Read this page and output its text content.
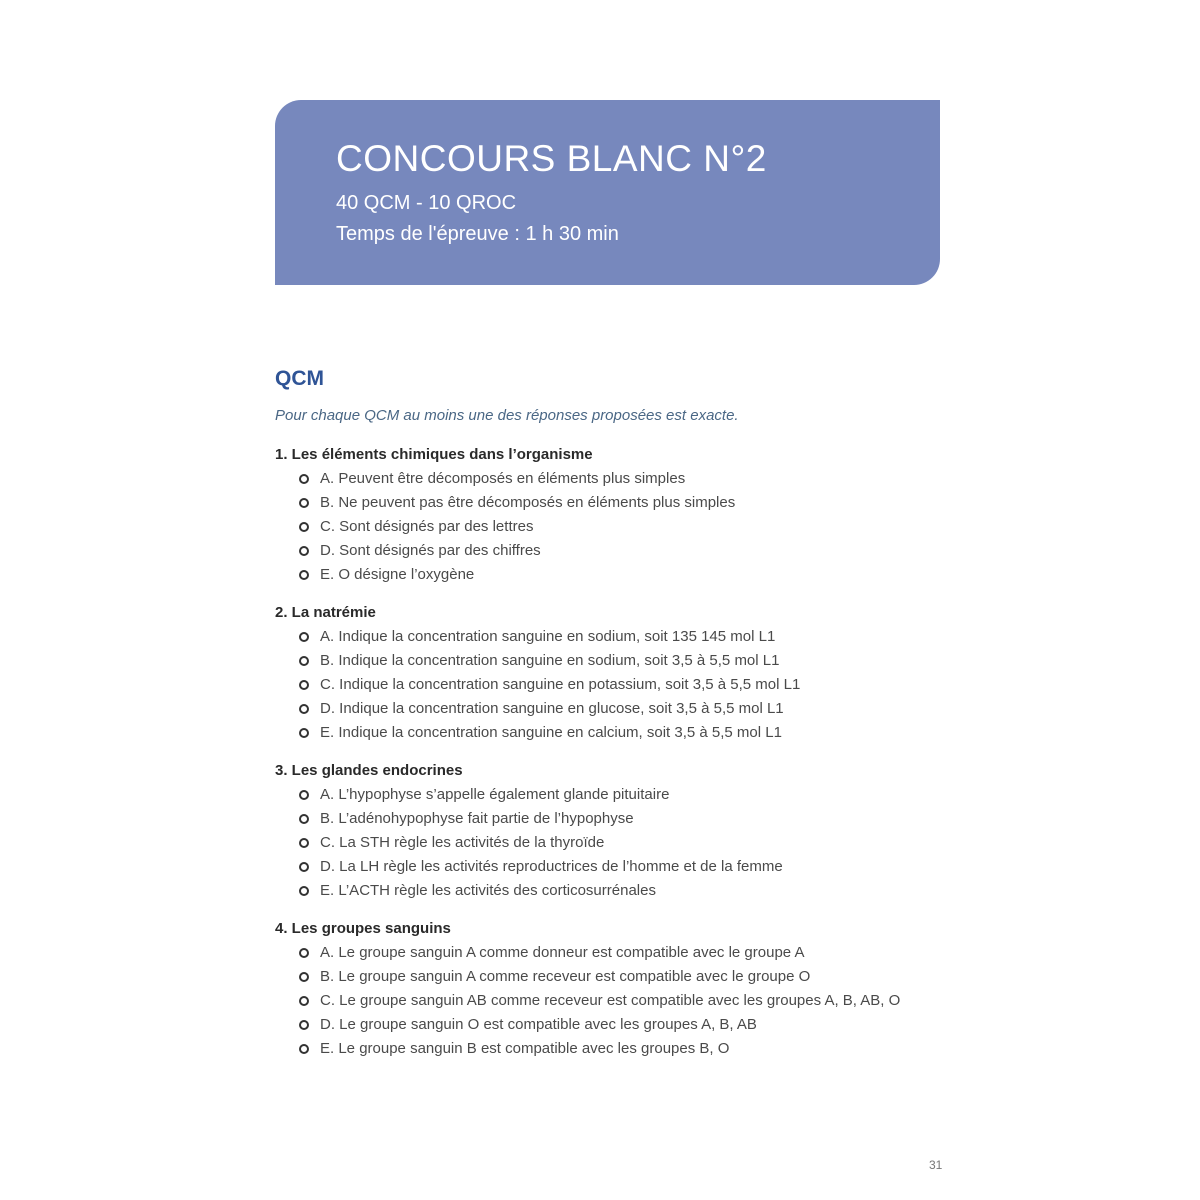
CONCOURS BLANC N°2
40 QCM - 10 QROC
Temps de l'épreuve : 1 h 30 min
QCM
Pour chaque QCM au moins une des réponses proposées est exacte.
1. Les éléments chimiques dans l’organisme
A. Peuvent être décomposés en éléments plus simples
B. Ne peuvent pas être décomposés en éléments plus simples
C. Sont désignés par des lettres
D. Sont désignés par des chiffres
E. O désigne l’oxygène
2. La natrémie
A. Indique la concentration sanguine en sodium, soit 135 145 mol L1
B. Indique la concentration sanguine en sodium, soit 3,5 à 5,5 mol L1
C. Indique la concentration sanguine en potassium, soit 3,5 à 5,5 mol L1
D. Indique la concentration sanguine en glucose, soit 3,5 à 5,5 mol L1
E. Indique la concentration sanguine en calcium, soit 3,5 à 5,5 mol L1
3. Les glandes endocrines
A. L’hypophyse s’appelle également glande pituitaire
B. L’adénohypophyse fait partie de l’hypophyse
C. La STH règle les activités de la thyroïde
D. La LH règle les activités reproductrices de l’homme et de la femme
E. L’ACTH règle les activités des corticosurrénales
4. Les groupes sanguins
A. Le groupe sanguin A comme donneur est compatible avec le groupe A
B. Le groupe sanguin A comme receveur est compatible avec le groupe O
C. Le groupe sanguin AB comme receveur est compatible avec les groupes A, B, AB, O
D. Le groupe sanguin O est compatible avec les groupes A, B, AB
E. Le groupe sanguin B est compatible avec les groupes B, O
31
